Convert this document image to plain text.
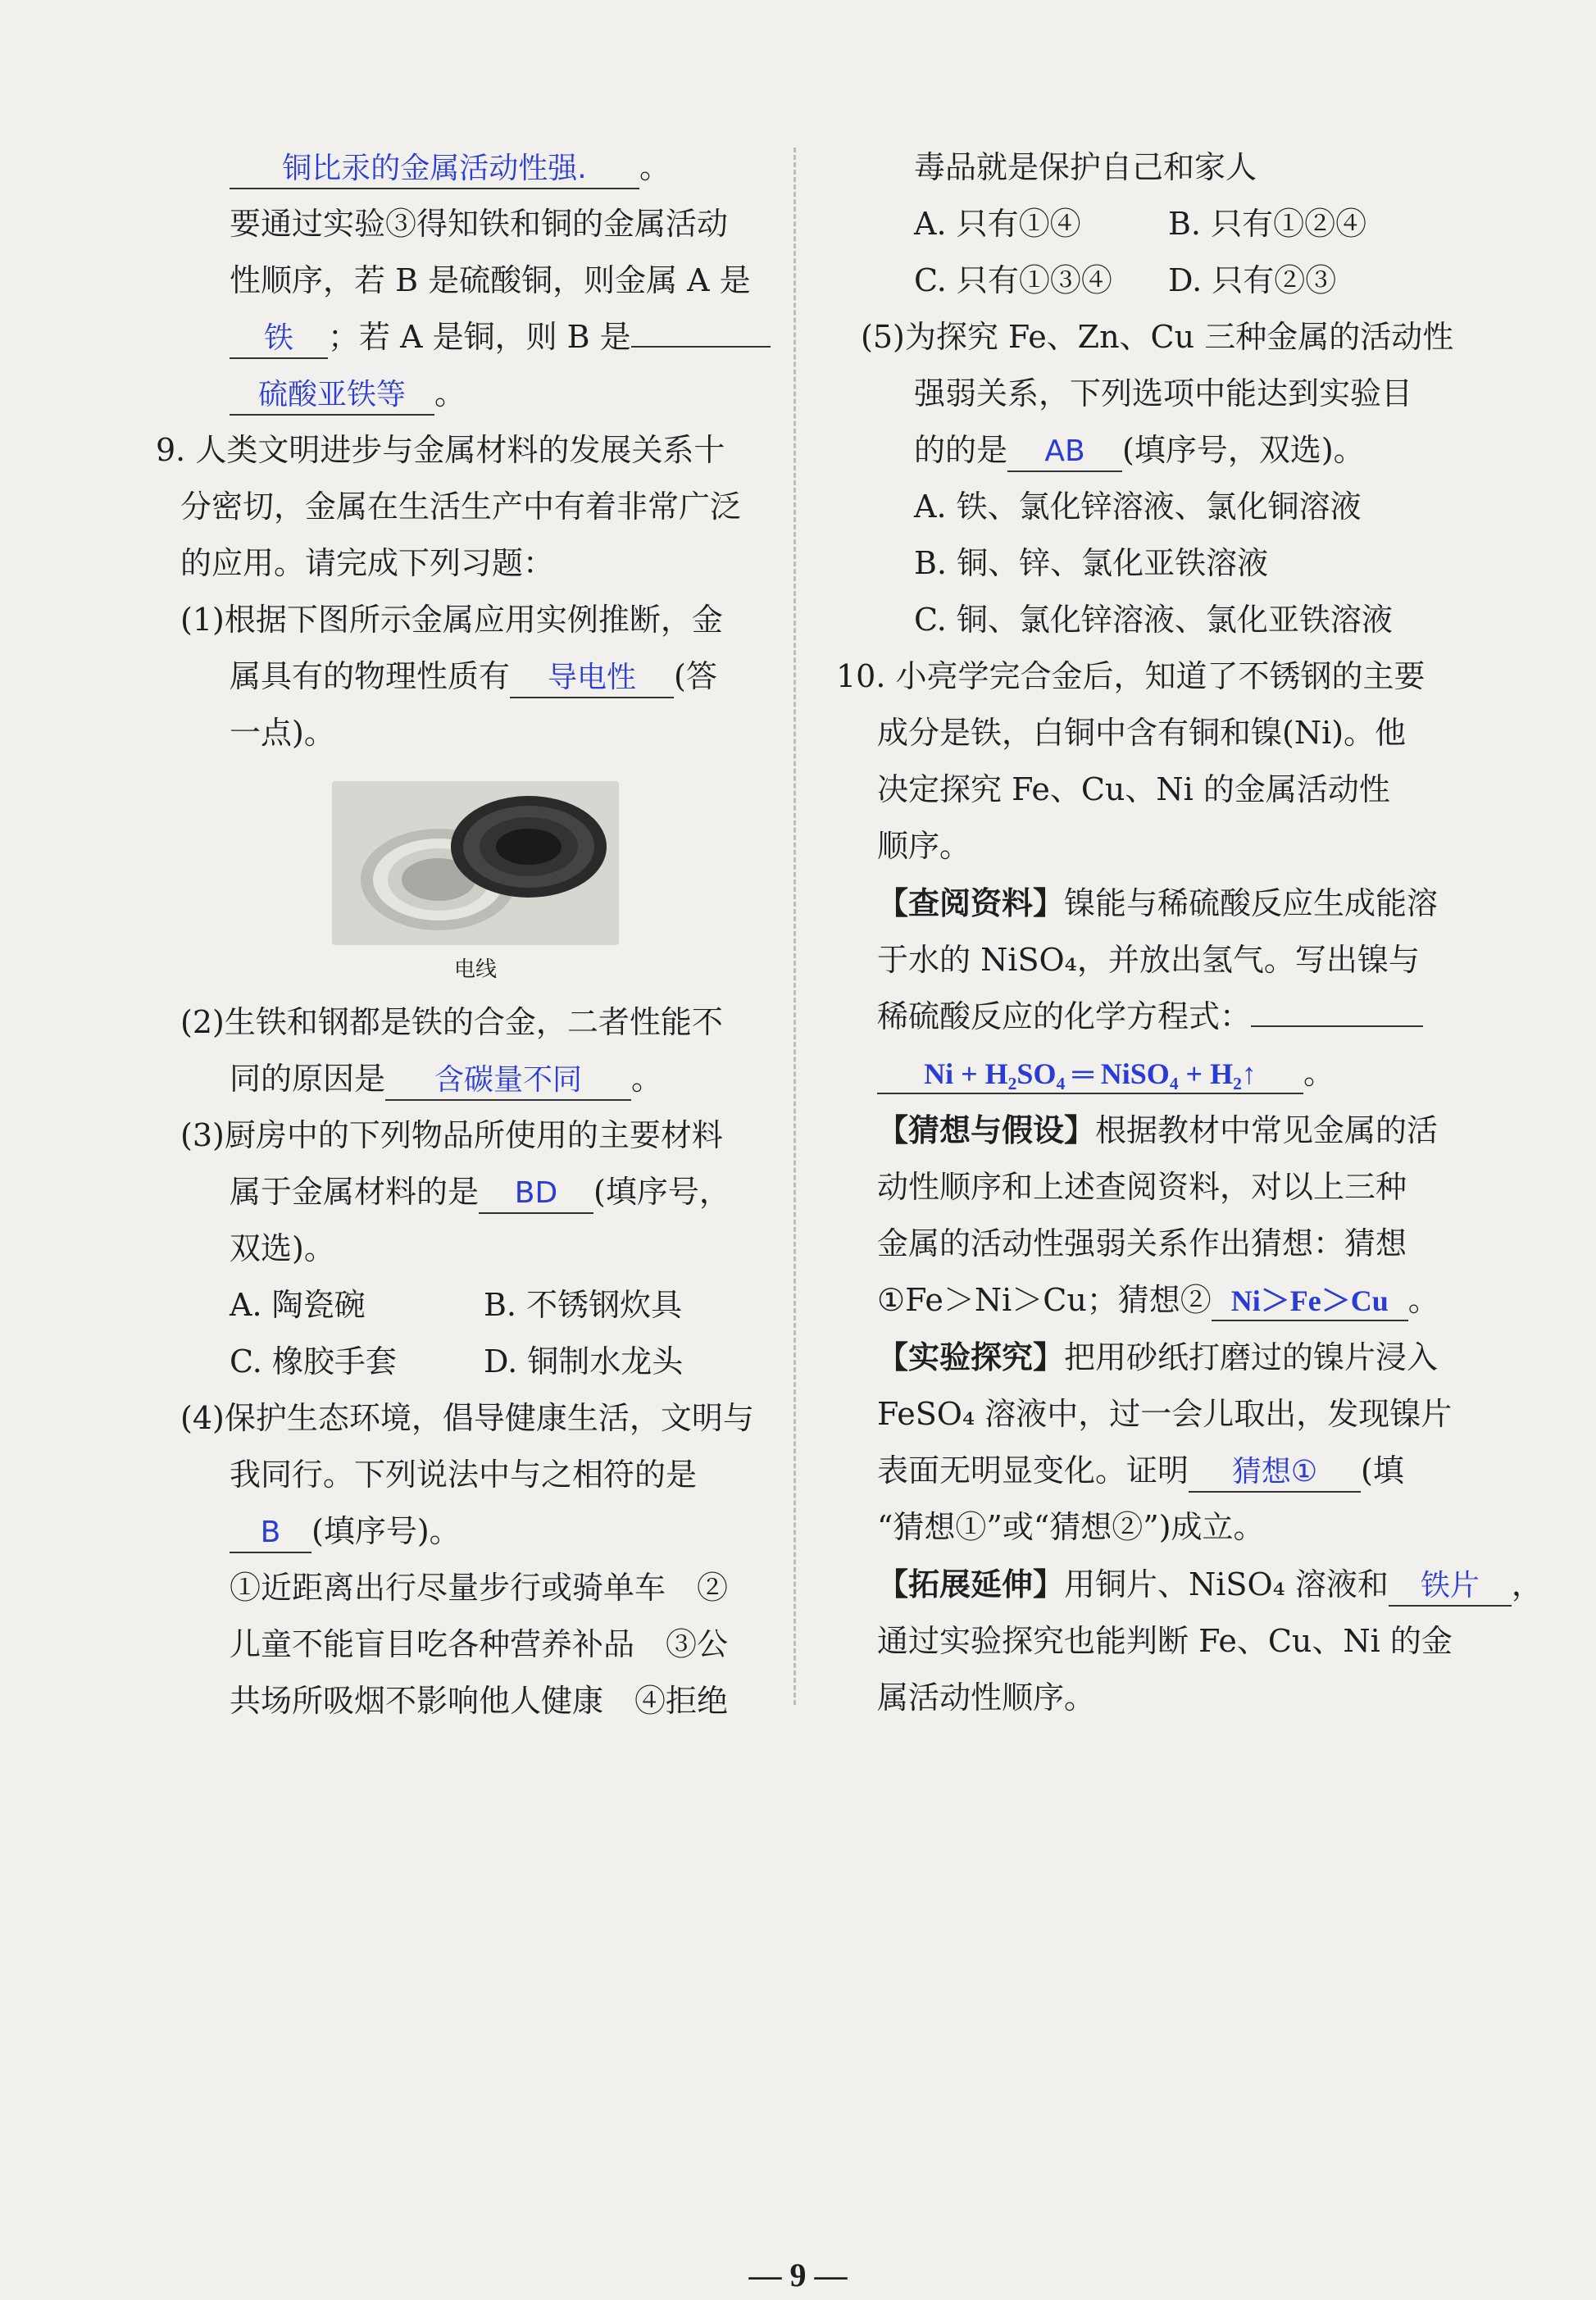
铜比汞的金属活动性强. 。
要通过实验③得知铁和铜的金属活动
性顺序，若 B 是硫酸铜，则金属 A 是
铁 ；若 A 是铜，则 B 是
硫酸亚铁等 。
9. 人类文明进步与金属材料的发展关系十
分密切，金属在生活生产中有着非常广泛
的应用。请完成下列习题：
(1)根据下图所示金属应用实例推断，金
属具有的物理性质有 导电性 (答
一点)。
电线
(2)生铁和钢都是铁的合金，二者性能不
同的原因是 含碳量不同 。
(3)厨房中的下列物品所使用的主要材料
属于金属材料的是 BD (填序号，
双选)。
A. 陶瓷碗	B. 不锈钢炊具
C. 橡胶手套	D. 铜制水龙头
(4)保护生态环境，倡导健康生活，文明与
我同行。下列说法中与之相符的是
B (填序号)。
①近距离出行尽量步行或骑单车　②
儿童不能盲目吃各种营养补品　③公
共场所吸烟不影响他人健康　④拒绝
毒品就是保护自己和家人
A. 只有①④	B. 只有①②④
C. 只有①③④	D. 只有②③
(5)为探究 Fe、Zn、Cu 三种金属的活动性
强弱关系，下列选项中能达到实验目
的的是 AB (填序号，双选)。
A. 铁、氯化锌溶液、氯化铜溶液
B. 铜、锌、氯化亚铁溶液
C. 铜、氯化锌溶液、氯化亚铁溶液
10. 小亮学完合金后，知道了不锈钢的主要
成分是铁，白铜中含有铜和镍(Ni)。他
决定探究 Fe、Cu、Ni 的金属活动性
顺序。
【查阅资料】镍能与稀硫酸反应生成能溶
于水的 NiSO₄，并放出氢气。写出镍与
稀硫酸反应的化学方程式：
Ni + H₂SO₄ ═ NiSO₄ + H₂↑ 。
【猜想与假设】根据教材中常见金属的活
动性顺序和上述查阅资料，对以上三种
金属的活动性强弱关系作出猜想：猜想
①Fe＞Ni＞Cu；猜想② Ni＞Fe＞Cu 。
【实验探究】把用砂纸打磨过的镍片浸入
FeSO₄ 溶液中，过一会儿取出，发现镍片
表面无明显变化。证明 猜想① (填
“猜想①”或“猜想②”)成立。
【拓展延伸】用铜片、NiSO₄ 溶液和 铁片 ，
通过实验探究也能判断 Fe、Cu、Ni 的金
属活动性顺序。
— 9 —
